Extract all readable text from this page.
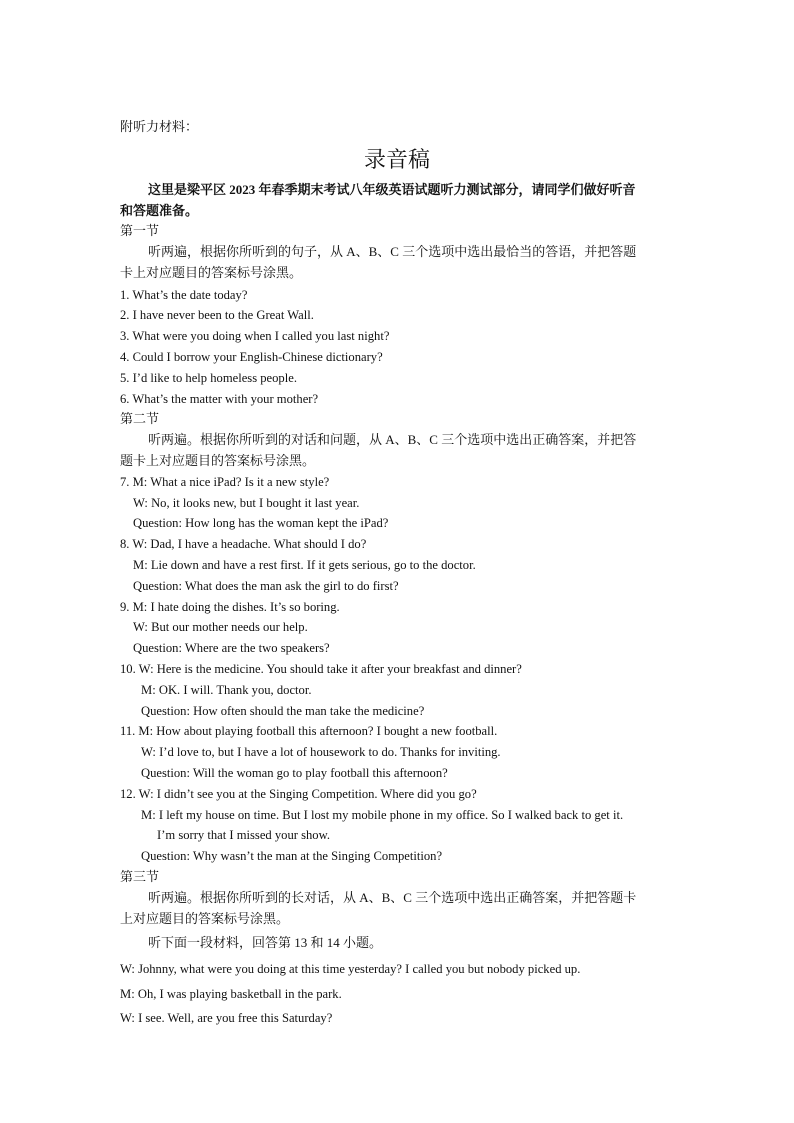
附听力材料：
录音稿
这里是梁平区 2023 年春季期末考试八年级英语试题听力测试部分，请同学们做好听音
和答题准备。
第一节
听两遍，根据你所听到的句子，从 A、B、C 三个选项中选出最恰当的答语，并把答题
卡上对应题目的答案标号涂黑。
1. What’s the date today?
2. I have never been to the Great Wall.
3. What were you doing when I called you last night?
4. Could I borrow your English-Chinese dictionary?
5. I’d like to help homeless people.
6. What’s the matter with your mother?
第二节
听两遍。根据你所听到的对话和问题，从 A、B、C 三个选项中选出正确答案，并把答
题卡上对应题目的答案标号涂黑。
7. M: What a nice iPad? Is it a new style?
W: No, it looks new, but I bought it last year.
Question: How long has the woman kept the iPad?
8. W: Dad, I have a headache. What should I do?
M: Lie down and have a rest first. If it gets serious, go to the doctor.
Question: What does the man ask the girl to do first?
9. M: I hate doing the dishes. It’s so boring.
W: But our mother needs our help.
Question: Where are the two speakers?
10. W: Here is the medicine. You should take it after your breakfast and dinner?
M: OK. I will. Thank you, doctor.
Question: How often should the man take the medicine?
11. M: How about playing football this afternoon? I bought a new football.
W: I’d love to, but I have a lot of housework to do. Thanks for inviting.
Question: Will the woman go to play football this afternoon?
12. W: I didn’t see you at the Singing Competition. Where did you go?
M: I left my house on time. But I lost my mobile phone in my office. So I walked back to get it.
I’m sorry that I missed your show.
Question: Why wasn’t the man at the Singing Competition?
第三节
听两遍。根据你所听到的长对话，从 A、B、C 三个选项中选出正确答案，并把答题卡
上对应题目的答案标号涂黑。
听下面一段材料，回答第 13 和 14 小题。
W: Johnny, what were you doing at this time yesterday? I called you but nobody picked up.
M: Oh, I was playing basketball in the park.
W: I see. Well, are you free this Saturday?
